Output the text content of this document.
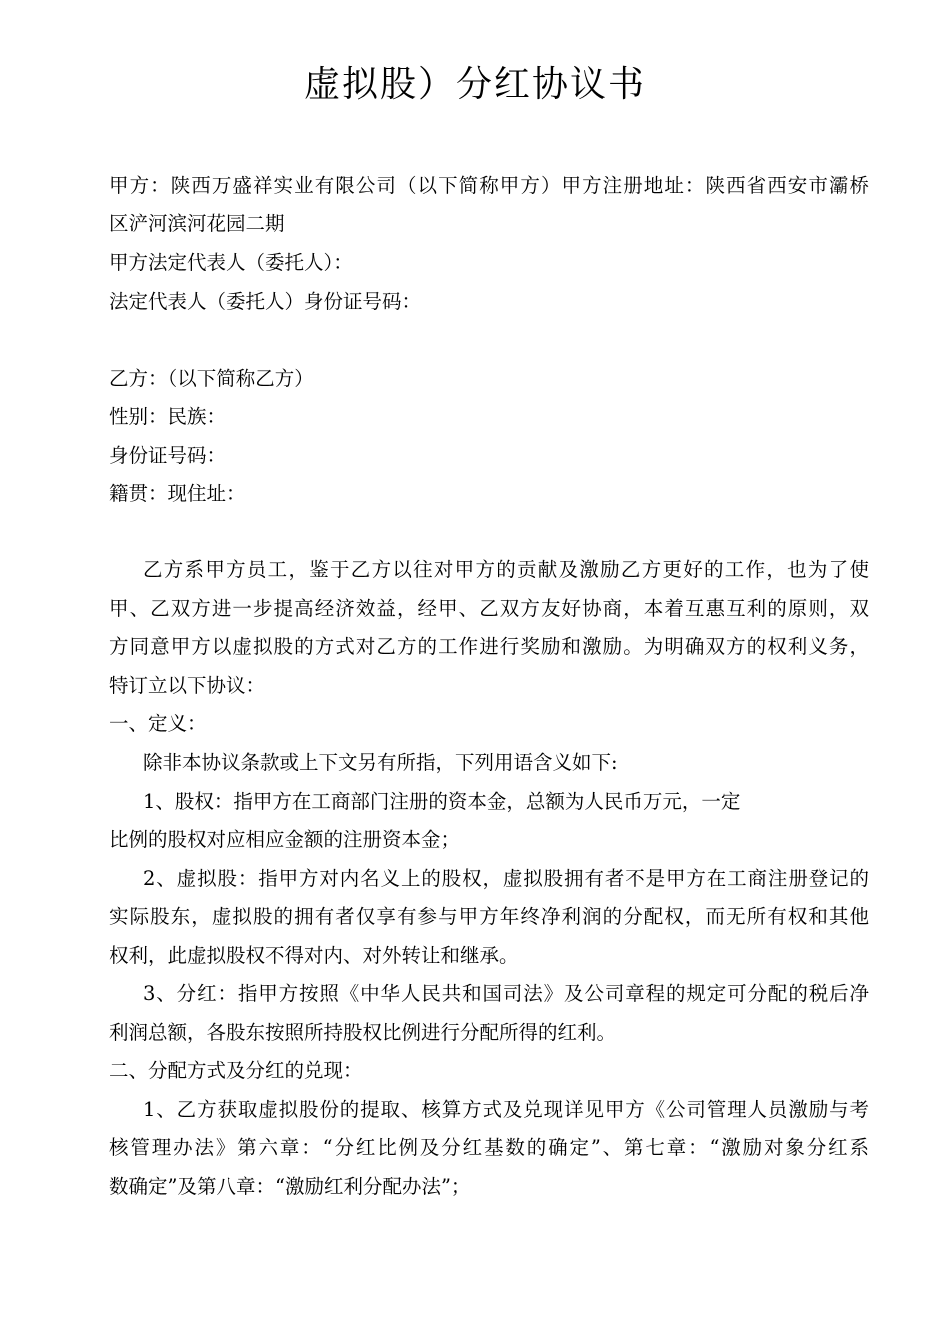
虚拟股）分红协议书

甲方：陕西万盛祥实业有限公司（以下简称甲方）甲方注册地址：陕西省西安市灞桥

区浐河滨河花园二期

甲方法定代表人（委托人）：

法定代表人（委托人）身份证号码：

乙方：（以下简称乙方）

性别：民族：

身份证号码：

籍贯：现住址：

乙方系甲方员工，鉴于乙方以往对甲方的贡献及激励乙方更好的工作，也为了使

甲、乙双方进一步提高经济效益，经甲、乙双方友好协商，本着互惠互利的原则，双

方同意甲方以虚拟股的方式对乙方的工作进行奖励和激励。为明确双方的权利义务，

特订立以下协议：

一、定义：

除非本协议条款或上下文另有所指，下列用语含义如下:

1、股权：指甲方在工商部门注册的资本金，总额为人民币万元，一定

比例的股权对应相应金额的注册资本金；

2、虚拟股：指甲方对内名义上的股权，虚拟股拥有者不是甲方在工商注册登记的

实际股东，虚拟股的拥有者仅享有参与甲方年终净利润的分配权，而无所有权和其他

权利，此虚拟股权不得对内、对外转让和继承。

3、分红：指甲方按照《中华人民共和国司法》及公司章程的规定可分配的税后净

利润总额，各股东按照所持股权比例进行分配所得的红利。

二、分配方式及分红的兑现：

1、乙方获取虚拟股份的提取、核算方式及兑现详见甲方《公司管理人员激励与考

核管理办法》第六章：“分红比例及分红基数的确定”、第七章：“激励对象分红系

数确定”及第八章：“激励红利分配办法”；
